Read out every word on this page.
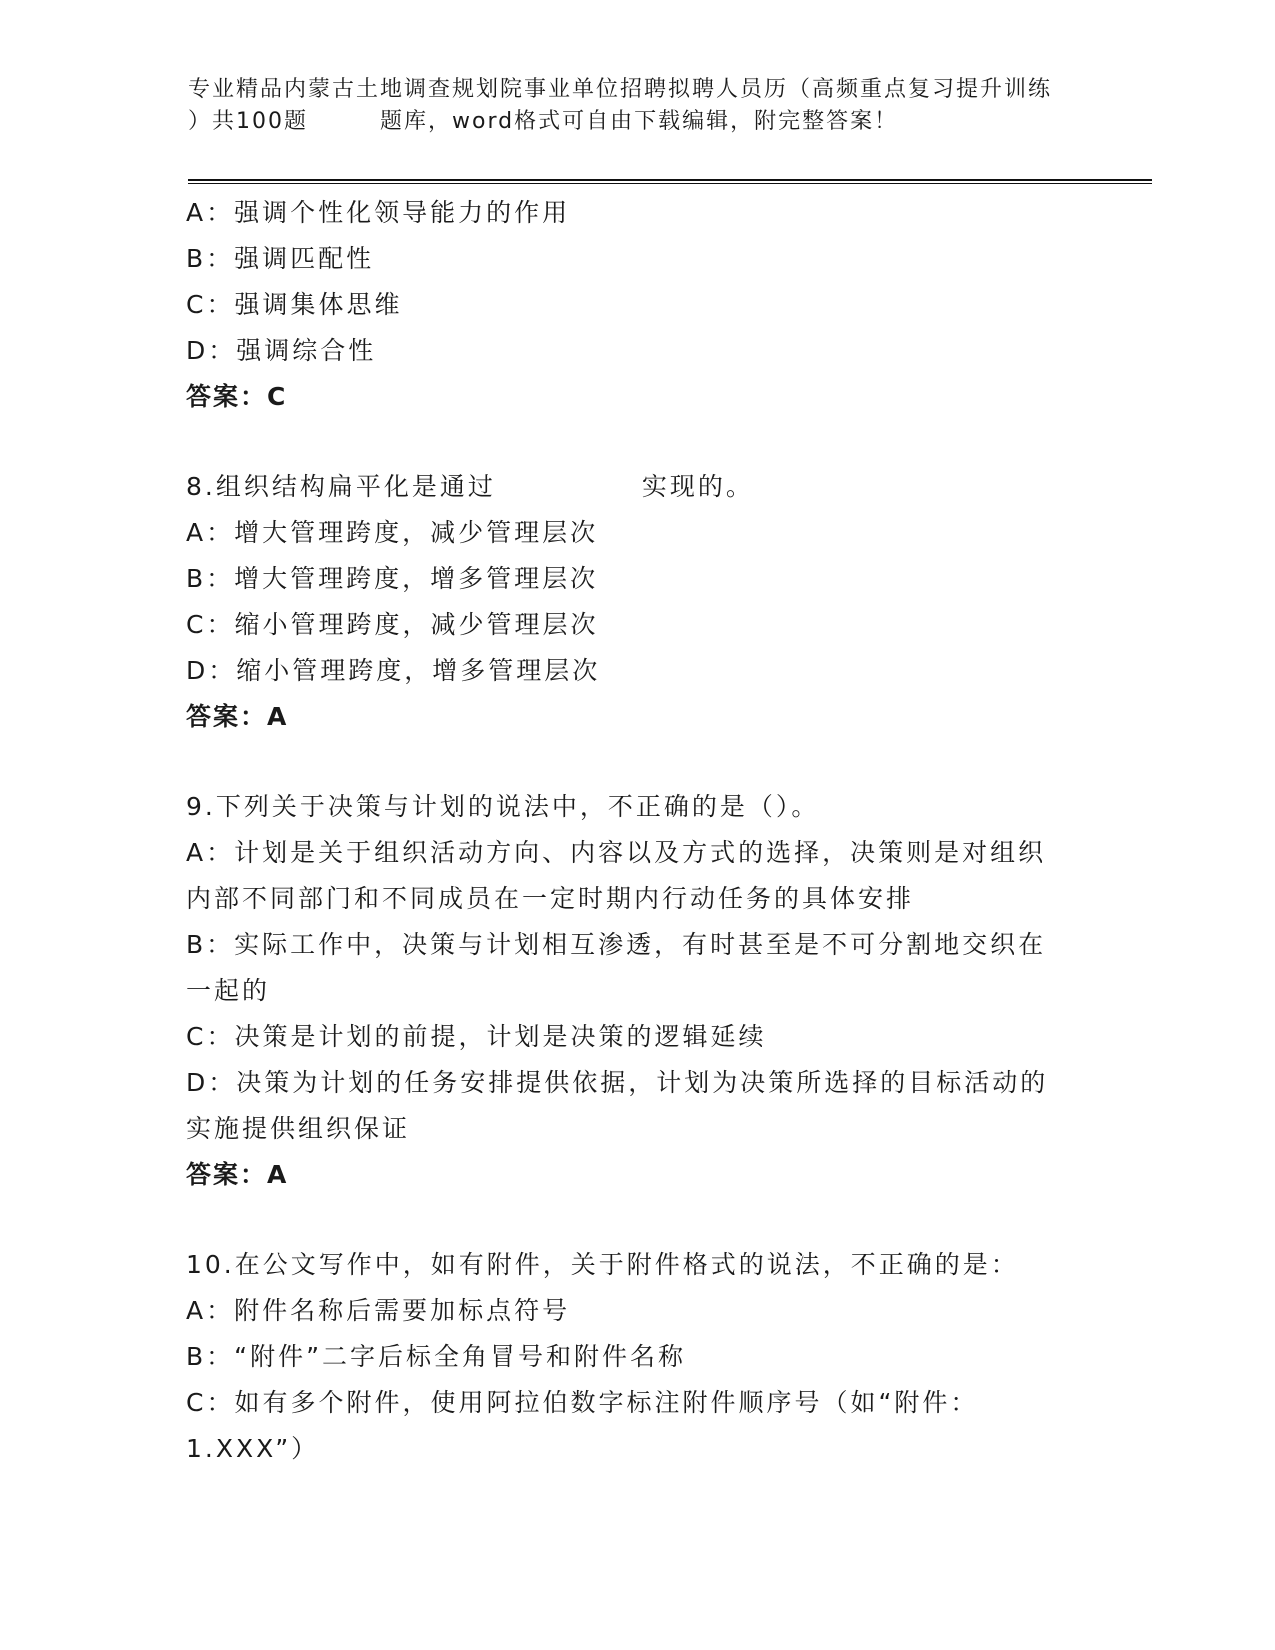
专业精品内蒙古土地调查规划院事业单位招聘拟聘人员历（高频重点复习提升训练
）共100题	题库，word格式可自由下载编辑，附完整答案！
A：强调个性化领导能力的作用
B：强调匹配性
C：强调集体思维
D：强调综合性
答案：C
8.组织结构扁平化是通过	实现的。
A：增大管理跨度，减少管理层次
B：增大管理跨度，增多管理层次
C：缩小管理跨度，减少管理层次
D：缩小管理跨度，增多管理层次
答案：A
9.下列关于决策与计划的说法中，不正确的是（）。
A：计划是关于组织活动方向、内容以及方式的选择，决策则是对组织
内部不同部门和不同成员在一定时期内行动任务的具体安排
B：实际工作中，决策与计划相互渗透，有时甚至是不可分割地交织在
一起的
C：决策是计划的前提，计划是决策的逻辑延续
D：决策为计划的任务安排提供依据，计划为决策所选择的目标活动的
实施提供组织保证
答案：A
10.在公文写作中，如有附件，关于附件格式的说法，不正确的是：
A：附件名称后需要加标点符号
B：“附件”二字后标全角冒号和附件名称
C：如有多个附件，使用阿拉伯数字标注附件顺序号（如“附件：
1.XXX”）
